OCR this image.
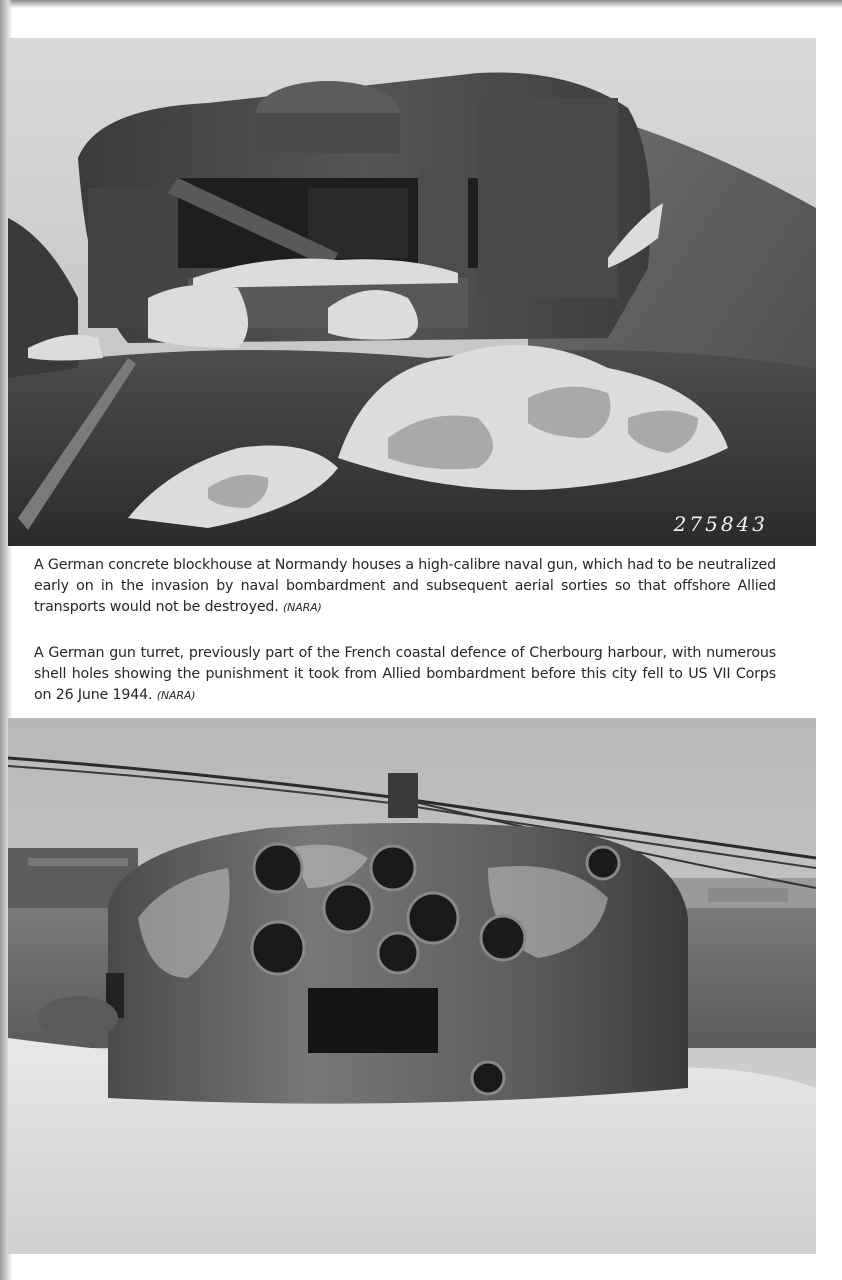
275843

A German concrete blockhouse at Normandy houses a high-calibre naval gun, which had to be neutralized early on in the invasion by naval bombardment and subsequent aerial sorties so that offshore Allied transports would not be destroyed. (NARA)

A German gun turret, previously part of the French coastal defence of Cherbourg harbour, with numerous shell holes showing the punishment it took from Allied bombardment before this city fell to US VII Corps on 26 June 1944. (NARA)
